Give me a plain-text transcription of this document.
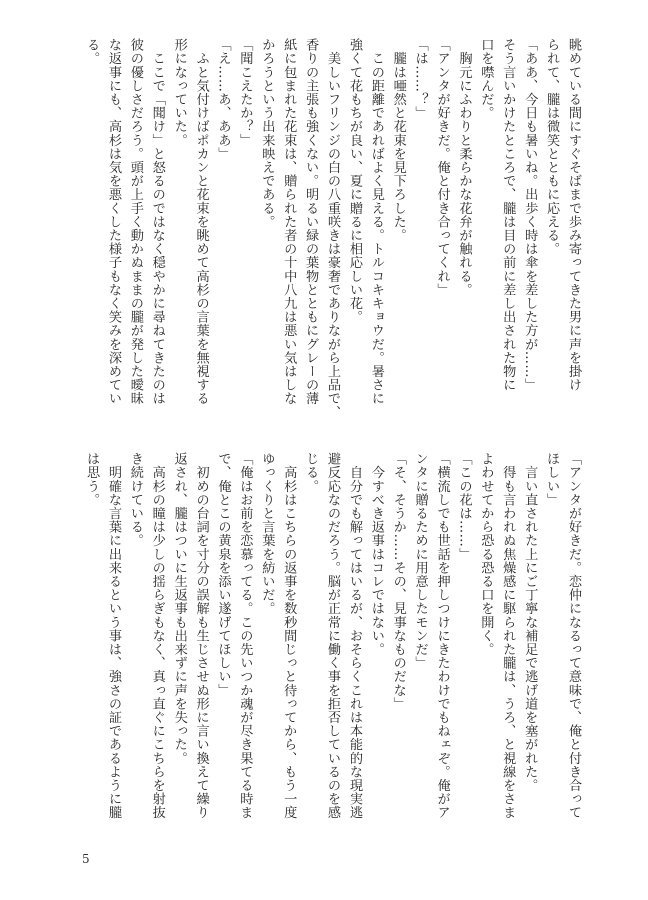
眺めている間にすぐそばまで歩み寄ってきた男に声を掛け

られて、朧は微笑とともに応える。

「ああ、今日も暑いね。出歩く時は傘を差した方が……」

そう言いかけたところで、朧は目の前に差し出された物に

口を噤んだ。

　胸元にふわりと柔らかな花弁が触れる。

「アンタが好きだ。俺と付き合ってくれ」

「は……？」

　朧は唖然と花束を見下ろした。

　この距離であればよく見える。トルコキキョウだ。暑さに

強くて花もちが良い、夏に贈るに相応しい花。

　美しいフリンジの白の八重咲きは豪奢でありながら上品で、

香りの主張も強くない。明るい緑の葉物とともにグレーの薄

紙に包まれた花束は、贈られた者の十中八九は悪い気はしな

かろうという出来映えである。

「聞こえたか？」

「え……あ、ああ」

　ふと気付けばポカンと花束を眺めて高杉の言葉を無視する

形になっていた。

　ここで「聞け」と怒るのではなく穏やかに尋ねてきたのは

彼の優しさだろう。頭が上手く動かぬままの朧が発した曖昧

な返事にも、高杉は気を悪くした様子もなく笑みを深めてい

る。

「アンタが好きだ。恋仲になるって意味で、俺と付き合って

ほしい」

　言い直された上にご丁寧な補足で逃げ道を塞がれた。

　得も言われぬ焦燥感に駆られた朧は、うろ、と視線をさま

よわせてから恐る恐る口を開く。

「この花は……」

「横流しでも世話を押しつけにきたわけでもねェぞ。俺がア

ンタに贈るために用意したモンだ」

「そ、そうか……その、見事なものだな」

　今すべき返事はコレではない。

　自分でも解ってはいるが、おそらくこれは本能的な現実逃

避反応なのだろう。脳が正常に働く事を拒否しているのを感

じる。

　高杉はこちらの返事を数秒間じっと待ってから、もう一度

ゆっくりと言葉を紡いだ。

「俺はお前を恋慕ってる。この先いつか魂が尽き果てる時ま

で、俺とこの黄泉を添い遂げてほしい」

　初めの台詞を寸分の誤解も生じさせぬ形に言い換えて繰り

返され、朧はついに生返事も出来ずに声を失った。

　高杉の瞳は少しの揺らぎもなく、真っ直ぐにこちらを射抜

き続けている。

　明確な言葉に出来るという事は、強さの証であるように朧

は思う。

5
